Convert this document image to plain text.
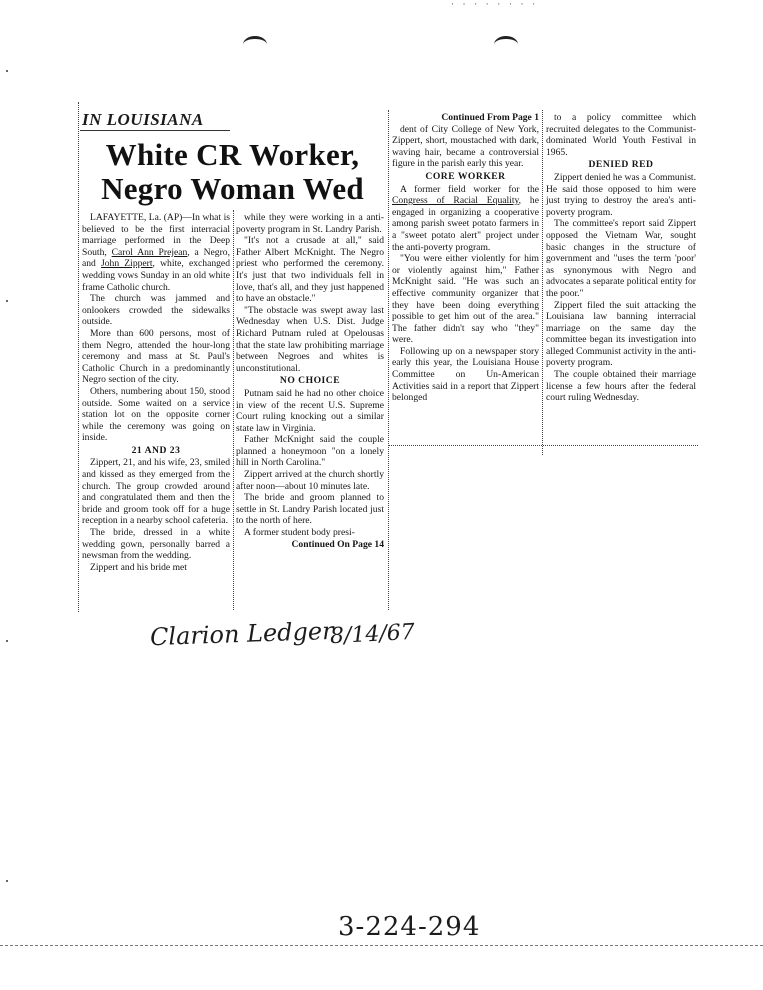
· · · · · · · ·
IN LOUISIANA
White CR Worker,
Negro Woman Wed

LAFAYETTE, La. (AP)—In what is believed to be the first interracial marriage performed in the Deep South, Carol Ann Prejean, a Negro, and John Zippert, white, exchanged wedding vows Sunday in an old white frame Catholic church.

The church was jammed and onlookers crowded the sidewalks outside.

More than 600 persons, most of them Negro, attended the hour-long ceremony and mass at St. Paul's Catholic Church in a predominantly Negro section of the city.

Others, numbering about 150, stood outside. Some waited on a service station lot on the opposite corner while the ceremony was going on inside.

21 AND 23

Zippert, 21, and his wife, 23, smiled and kissed as they emerged from the church. The group crowded around and congratulated them and then the bride and groom took off for a huge reception in a nearby school cafeteria.

The bride, dressed in a white wedding gown, personally barred a newsman from the wedding.

Zippert and his bride met

while they were working in a anti-poverty program in St. Landry Parish.

"It's not a crusade at all," said Father Albert McKnight. The Negro priest who performed the ceremony. It's just that two individuals fell in love, that's all, and they just happened to have an obstacle."

"The obstacle was swept away last Wednesday when U.S. Dist. Judge Richard Putnam ruled at Opelousas that the state law prohibiting marriage between Negroes and whites is unconstitutional.

NO CHOICE

Putnam said he had no other choice in view of the recent U.S. Supreme Court ruling knocking out a similar state law in Virginia.

Father McKnight said the couple planned a honeymoon "on a lonely hill in North Carolina."

Zippert arrived at the church shortly after noon—about 10 minutes late.

The bride and groom planned to settle in St. Landry Parish located just to the north of here.

A former student body presi-

Continued On Page 14

Continued From Page 1

dent of City College of New York, Zippert, short, moustached with dark, waving hair, became a controversial figure in the parish early this year.

CORE WORKER

A former field worker for the Congress of Racial Equality, he engaged in organizing a cooperative among parish sweet potato farmers in a "sweet potato alert" project under the anti-poverty program.

"You were either violently for him or violently against him," Father McKnight said. "He was such an effective community organizer that they have been doing everything possible to get him out of the area." The father didn't say who "they" were.

Following up on a newspaper story early this year, the Louisiana House Committee on Un-American Activities said in a report that Zippert belonged

to a policy committee which recruited delegates to the Communist-dominated World Youth Festival in 1965.

DENIED RED

Zippert denied he was a Communist. He said those opposed to him were just trying to destroy the area's anti-poverty program.

The committee's report said Zippert opposed the Vietnam War, sought basic changes in the structure of government and "uses the term 'poor' as synonymous with Negro and advocates a separate political entity for the poor."

Zippert filed the suit attacking the Louisiana law banning interracial marriage on the same day the committee began its investigation into alleged Communist activity in the anti-poverty program.

The couple obtained their marriage license a few hours after the federal court ruling Wednesday.

Clarion Ledger
8/14/67
3-224-294
